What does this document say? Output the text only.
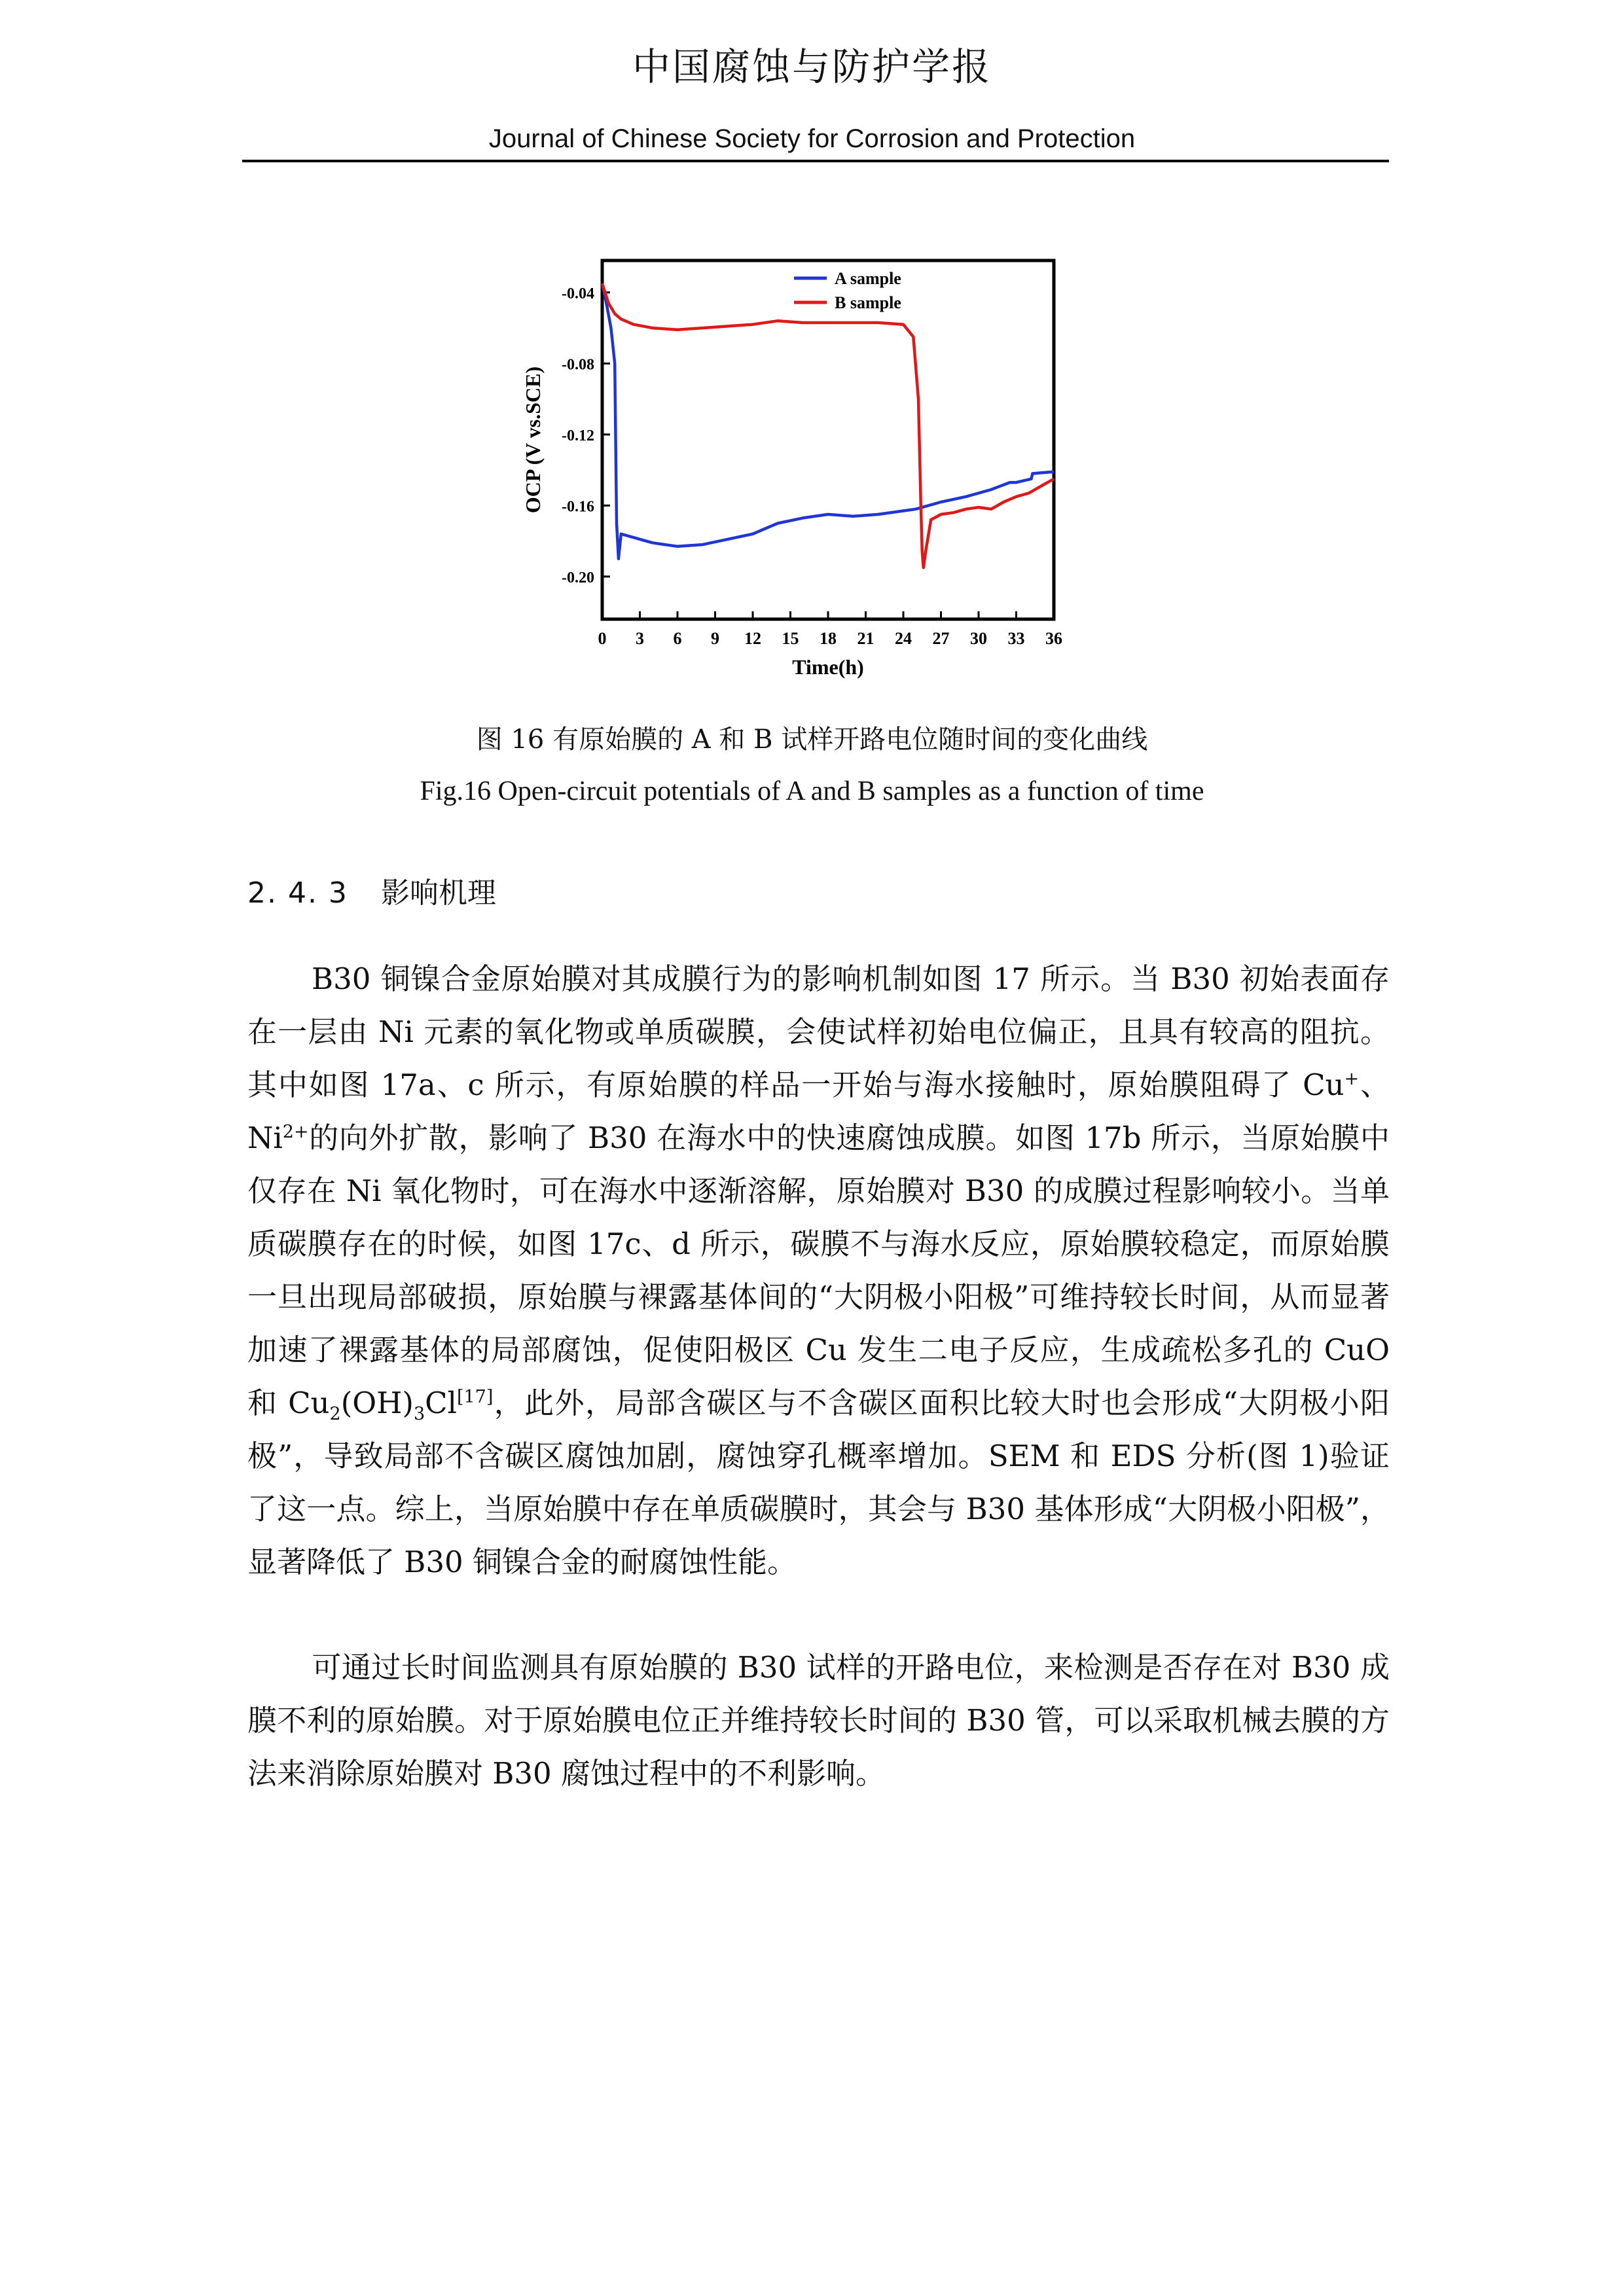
中国腐蚀与防护学报
Journal of Chinese Society for Corrosion and Protection
0 3 6 9 12 15 18 21 24 27 30 33 36
-0.04
-0.08
-0.12
-0.16
-0.20
A sample
B sample
Time(h)
OCP (V vs.SCE)
图 16 有原始膜的 A 和 B 试样开路电位随时间的变化曲线
Fig.16 Open-circuit potentials of A and B samples as a function of time
2. 4. 3 影响机理
B30 铜镍合金原始膜对其成膜行为的影响机制如图 17 所示。当 B30 初始表面存在一层由 Ni 元素的氧化物或单质碳膜，会使试样初始电位偏正，且具有较高的阻抗。其中如图 17a、c 所示，有原始膜的样品一开始与海水接触时，原始膜阻碍了 Cu+、$Ni^{2+}$的向外扩散，影响了 B30 在海水中的快速腐蚀成膜。如图 17b 所示，当原始膜中仅存在 Ni 氧化物时，可在海水中逐渐溶解，原始膜对 B30 的成膜过程影响较小。当单质碳膜存在的时候，如图 17c、d 所示，碳膜不与海水反应，原始膜较稳定，而原始膜一旦出现局部破损，原始膜与裸露基体间的“大阴极小阳极”可维持较长时间，从而显著加速了裸露基体的局部腐蚀，促使阳极区 Cu 发生二电子反应，生成疏松多孔的 CuO 和 $Cu_2(OH)_3Cl[17]$，此外，局部含碳区与不含碳区面积比较大时也会形成“大阴极小阳极”，导致局部不含碳区腐蚀加剧，腐蚀穿孔概率增加。SEM 和 EDS 分析(图 1)验证了这一点。综上，当原始膜中存在单质碳膜时，其会与 B30 基体形成“大阴极小阳极”，显著降低了 B30 铜镍合金的耐腐蚀性能。
可通过长时间监测具有原始膜的 B30 试样的开路电位，来检测是否存在对 B30 成膜不利的原始膜。对于原始膜电位正并维持较长时间的 B30 管，可以采取机械去膜的方法来消除原始膜对 B30 腐蚀过程中的不利影响。
